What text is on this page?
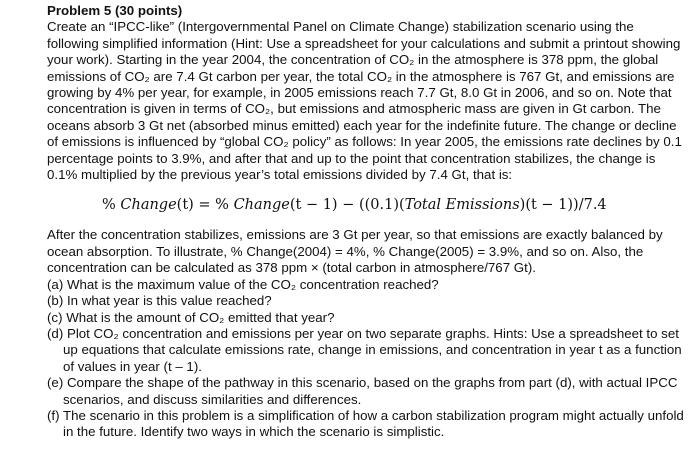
Problem 5 (30 points)

Create an “IPCC-like” (Intergovernmental Panel on Climate Change) stabilization scenario using the following simplified information (Hint: Use a spreadsheet for your calculations and submit a printout showing your work). Starting in the year 2004, the concentration of CO₂ in the atmosphere is 378 ppm, the global emissions of CO₂ are 7.4 Gt carbon per year, the total CO₂ in the atmosphere is 767 Gt, and emissions are growing by 4% per year, for example, in 2005 emissions reach 7.7 Gt, 8.0 Gt in 2006, and so on. Note that concentration is given in terms of CO₂, but emissions and atmospheric mass are given in Gt carbon. The oceans absorb 3 Gt net (absorbed minus emitted) each year for the indefinite future. The change or decline of emissions is influenced by “global CO₂ policy” as follows: In year 2005, the emissions rate declines by 0.1 percentage points to 3.9%, and after that and up to the point that concentration stabilizes, the change is 0.1% multiplied by the previous year’s total emissions divided by 7.4 Gt, that is:

% Change(t) = % Change(t − 1) − ((0.1)(Total Emissions)(t − 1))/7.4

After the concentration stabilizes, emissions are 3 Gt per year, so that emissions are exactly balanced by ocean absorption. To illustrate, % Change(2004) = 4%, % Change(2005) = 3.9%, and so on. Also, the concentration can be calculated as 378 ppm × (total carbon in atmosphere/767 Gt).

(a) What is the maximum value of the CO₂ concentration reached?
(b) In what year is this value reached?
(c) What is the amount of CO₂ emitted that year?
(d) Plot CO₂ concentration and emissions per year on two separate graphs. Hints: Use a spreadsheet to set up equations that calculate emissions rate, change in emissions, and concentration in year t as a function of values in year (t – 1).
(e) Compare the shape of the pathway in this scenario, based on the graphs from part (d), with actual IPCC scenarios, and discuss similarities and differences.
(f) The scenario in this problem is a simplification of how a carbon stabilization program might actually unfold in the future. Identify two ways in which the scenario is simplistic.
